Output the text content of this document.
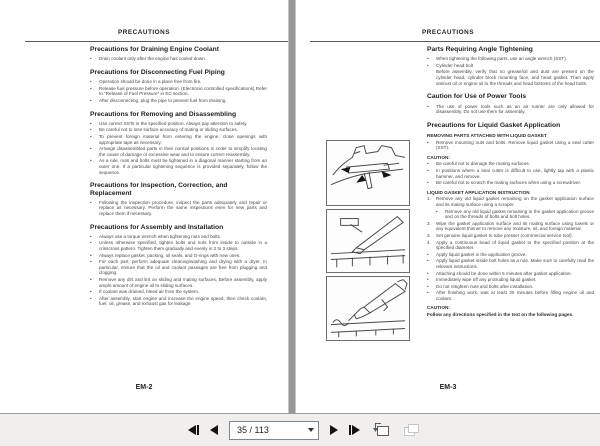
PRECAUTIONS
Precautions for Draining Engine Coolant
•	Drain coolant only after the engine has cooled down.
Precautions for Disconnecting Fuel Piping
•	Operation should be done in a place free from fire.
•	Release fuel pressure before operation. (Electronic controlled specifications) Refer to "Release of Fuel Pressure" in EC section.
•	After disconnecting, plug the pipe to prevent fuel from draining.
Precautions for Removing and Disassembling
•	Use correct SSTs in the specified position. Always pay attention to safety.
•	Be careful not to lose surface accuracy of mating or sliding surfaces.
•	To prevent foreign material from entering the engine, close openings with appropriate tape as necessary.
•	Arrange disassembled parts in their normal positions in order to simplify locating the cause of damage or excessive wear and to ensure correct reassembly.
•	As a rule, nuts and bolts must be tightened in a diagonal manner starting from an outer one. If a particular tightening sequence is provided separately, follow the sequence.
Precautions for Inspection, Correction, and Replacement
•	Following the inspection procedure, inspect the parts adequately and repair or replace as necessary. Perform the same inspections even for new parts and replace them if necessary.
Precautions for Assembly and Installation
•	Always use a torque wrench when tightening nuts and bolts.
•	Unless otherwise specified, tighten bolts and nuts from inside to outside in a crisscross pattern. Tighten them gradually and evenly in 2 to 3 steps.
•	Always replace gasket, packing, oil seals, and O-rings with new ones.
•	For each part, perform adequate cleaning/washing and drying with a dryer. In particular, ensure that the oil and coolant passages are free from plugging and clogging.
•	Remove any dirt and lint on sliding and mating surfaces. Before assembly, apply ample amount of engine oil to sliding surfaces.
•	If coolant was drained, bleed air from the system.
•	After assembly, start engine and increase the engine speed, then check coolant, fuel, oil, grease, and exhaust gas for leakage.
EM-2
PRECAUTIONS
Parts Requiring Angle Tightening
•	When tightening the following parts, use an angle wrench (SST).
•	Cylinder head bolt
Before assembly, verify that no grease/oil and dust are present on the cylinder head, cylinder block mounting face, and head gasket. Then apply antirust oil or engine oil to the threads and head bottoms of the head bolts.
Caution for Use of Power Tools
•	The use of power tools such as an air runner are only allowed for disassembly. Do not use them for assembly.
Precautions for Liquid Gasket Application
REMOVING PARTS ATTACHED WITH LIQUID GASKET
•	Remove mounting nuts and bolts. Remove liquid gasket using a seal cutter (SST).
CAUTION:
•	Be careful not to damage the mating surfaces.
•	In positions where a seal cutter is difficult to use, lightly tap with a plastic hammer, and remove.
•	Be careful not to scratch the mating surfaces when using a screwdriver.
LIQUID GASKET APPLICATION INSTRUCTION
1.	Remove any old liquid gasket remaining on the gasket application surface and its mating surface using a scraper.
•	Remove any old liquid gasket remaining in the gasket application groove and on the threads of bolts and bolt holes.
2.	Wipe the gasket application surface and its mating surface using towels or any equivalent thinner to remove any moisture, oil, and foreign material.
3.	Set genuine liquid gasket to tube presser (commercial service tool).
4.	Apply a continuous bead of liquid gasket to the specified position at the specified diameter.
•	Apply liquid gasket in the application groove.
•	Apply liquid gasket inside bolt holes as a rule. Make sure to carefully read the relevant instructions.
•	Attaching should be done within 5 minutes after gasket application.
•	Immediately wipe off any protruding liquid gasket.
•	Do not retighten nuts and bolts after installation.
•	After finishing work, wait at least 30 minutes before filling engine oil and coolant.
CAUTION:
Follow any directions specified in the text on the following pages.
EM-3
35 / 113
